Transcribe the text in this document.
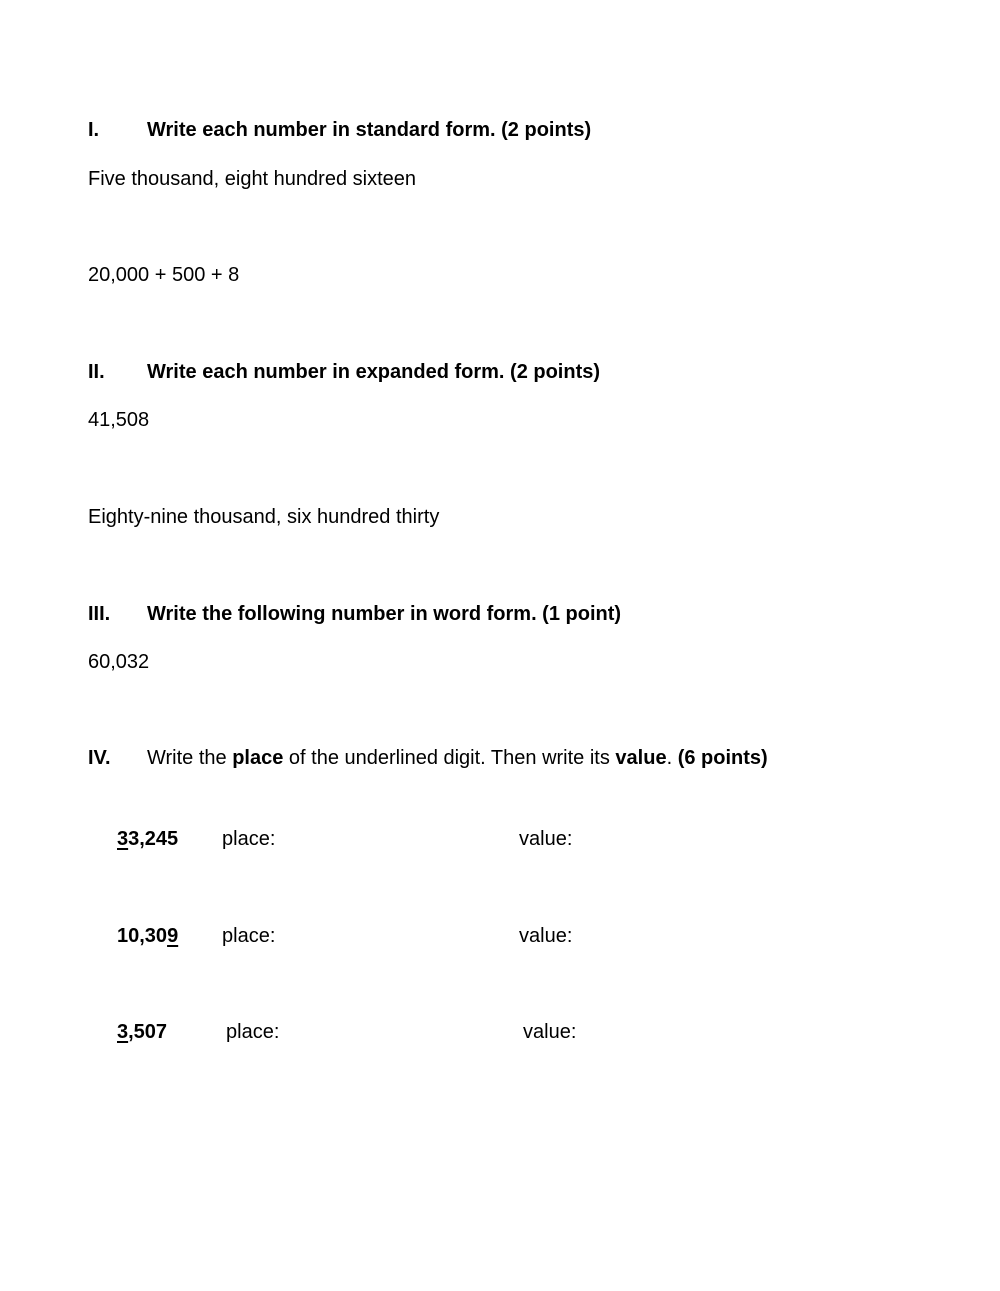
I. Write each number in standard form. (2 points)
Five thousand, eight hundred sixteen
20,000 + 500 + 8
II. Write each number in expanded form. (2 points)
41,508
Eighty-nine thousand, six hundred thirty
III. Write the following number in word form. (1 point)
60,032
IV. Write the place of the underlined digit. Then write its value. (6 points)
33,245 place:	value:
10,309 place:	value:
3,507	place:	value:
